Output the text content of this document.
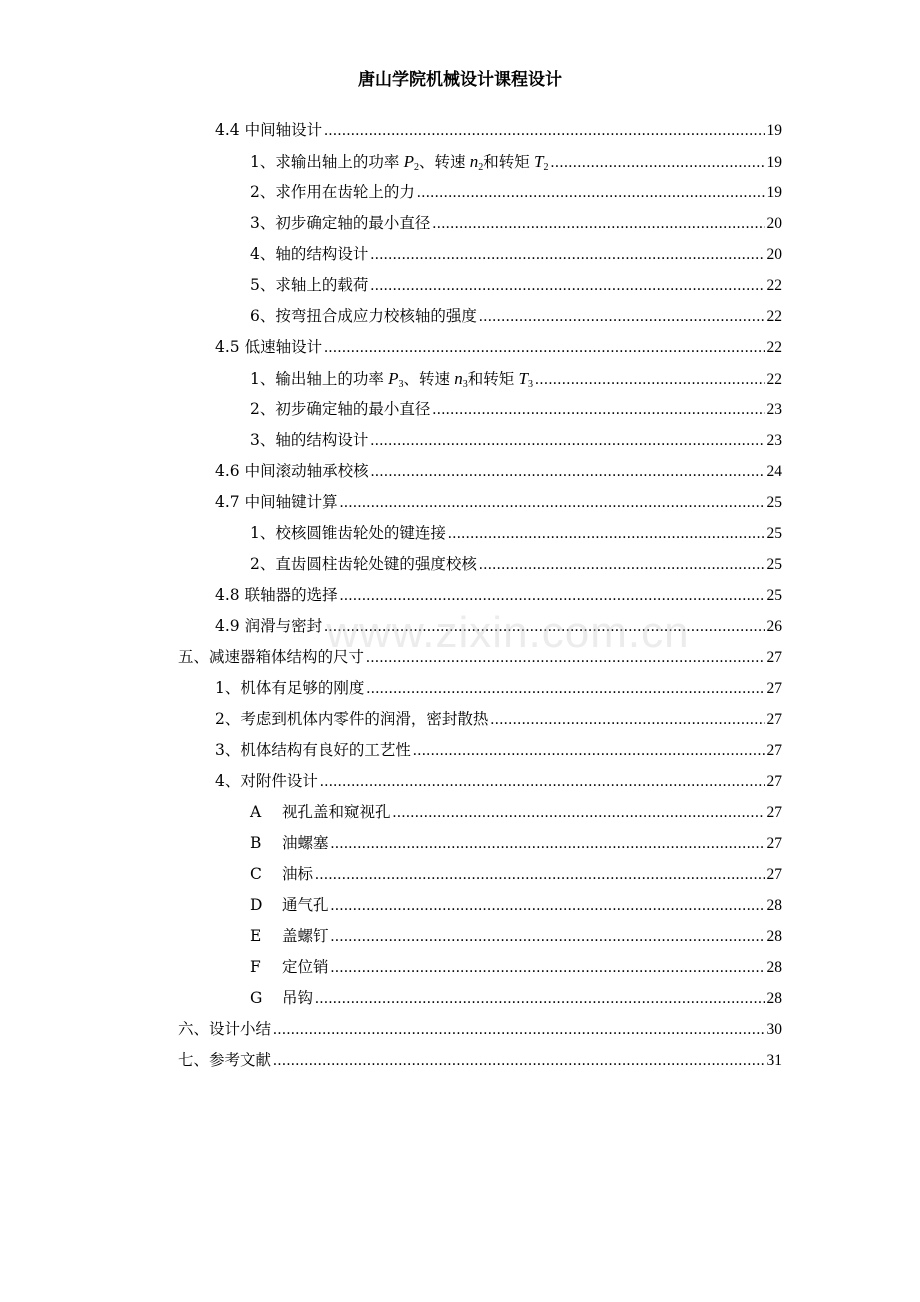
唐山学院机械设计课程设计
4.4 中间轴设计 .....	19
1、求输出轴上的功率 $P_2$、转速 $n_2$和转矩 $T_2$ .....	19
2、求作用在齿轮上的力 .....	19
3、初步确定轴的最小直径 .....	20
4、轴的结构设计 .....	20
5、求轴上的载荷 .....	22
6、按弯扭合成应力校核轴的强度 .....	22
4.5 低速轴设计 .....	22
1、输出轴上的功率 $P_3$、转速 $n_3$和转矩 $T_3$ .....	22
2、初步确定轴的最小直径 .....	23
3、轴的结构设计 .....	23
4.6 中间滚动轴承校核 .....	24
4.7 中间轴键计算 .....	25
1、校核圆锥齿轮处的键连接 .....	25
2、直齿圆柱齿轮处键的强度校核 .....	25
4.8 联轴器的选择 .....	25
4.9 润滑与密封 .....	26
五、减速器箱体结构的尺寸 .....	27
1、机体有足够的刚度 .....	27
2、考虑到机体内零件的润滑，密封散热 .....	27
3、机体结构有良好的工艺性 .....	27
4、对附件设计 .....	27
A 视孔盖和窥视孔 .....	27
B 油螺塞 .....	27
C 油标 .....	27
D 通气孔 .....	28
E 盖螺钉 .....	28
F 定位销 .....	28
G 吊钩 .....	28
六、设计小结 .....	30
七、参考文献 .....	31
www.zixin.com.cn
